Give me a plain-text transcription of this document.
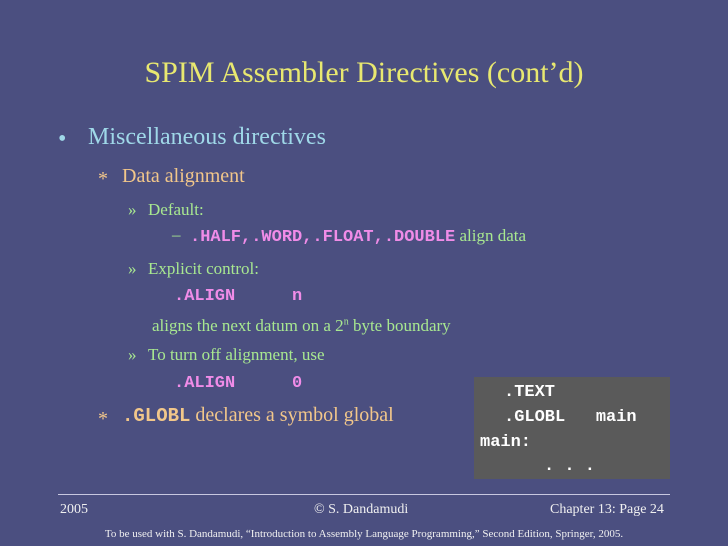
SPIM Assembler Directives (cont’d)
• Miscellaneous directives
* Data alignment
» Default:
– .HALF,.WORD,.FLOAT,.DOUBLE align data
» Explicit control:
.ALIGN	n
aligns the next datum on a 2$^n$ byte boundary
» To turn off alignment, use
.ALIGN	0
* .GLOBL declares a symbol global
.TEXT
.GLOBL   main
main:
. . .
2005	© S. Dandamudi	Chapter 13: Page 24
To be used with S. Dandamudi, “Introduction to Assembly Language Programming,” Second Edition, Springer, 2005.
